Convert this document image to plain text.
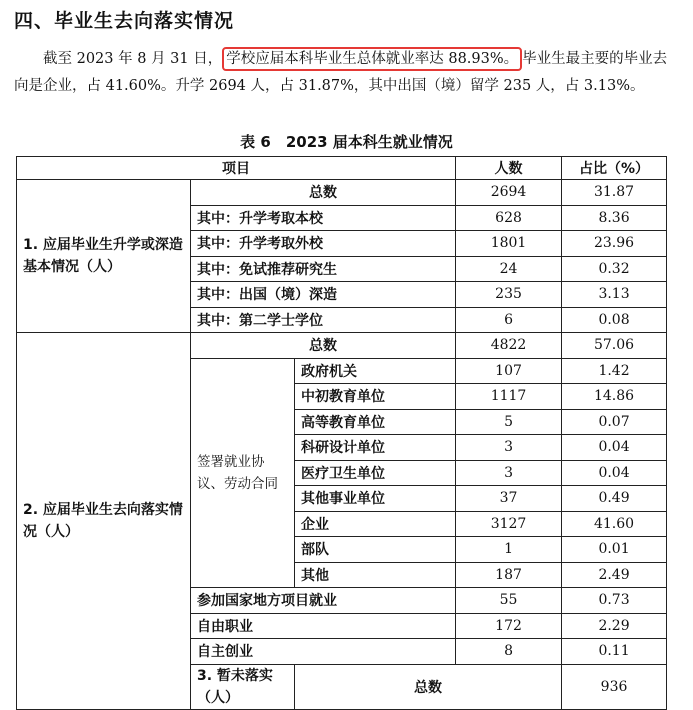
四、毕业生去向落实情况
截至 2023 年 8 月 31 日， 学校应届本科毕业生总体就业率达 88.93%。 毕业生最主要的毕业去向是企业，占 41.60%。升学 2694 人，占 31.87%，其中出国（境）留学 235 人，占 3.13%。
表 6　2023 届本科生就业情况
项目			人数	占比（%）	
1. 应届毕业生升学或深造基本情况（人）	总数		2694	31.87	
	其中：升学考取本校		628	8.36	
	其中：升学考取外校		1801	23.96	
	其中：免试推荐研究生		24	0.32	
	其中：出国（境）深造		235	3.13	
	其中：第二学士学位		6	0.08	
2. 应届毕业生去向落实情况（人）	总数		4822	57.06	
	签署就业协议、劳动合同	政府机关	107	1.42	
		中初教育单位	1117	14.86	
		高等教育单位	5	0.07	
		科研设计单位	3	0.04	
		医疗卫生单位	3	0.04	
		其他事业单位	37	0.49	
		企业	3127	41.60	
		部队	1	0.01	
		其他	187	2.49	
	参加国家地方项目就业		55	0.73	
	自由职业		172	2.29	
	自主创业		8	0.11	
	3. 暂未落实（人）	总数		936	
